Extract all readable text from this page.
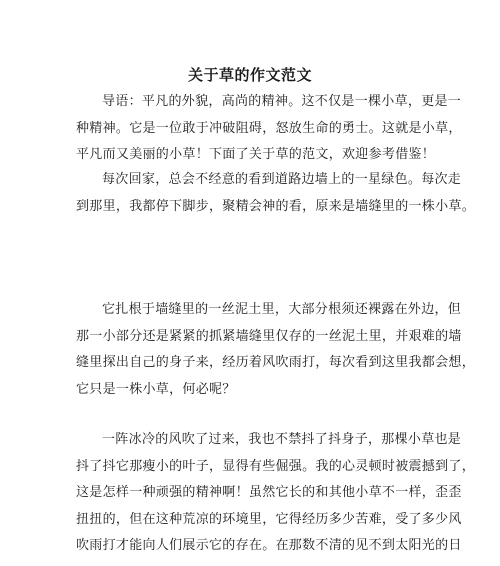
关于草的作文范文
导语：平凡的外貌，高尚的精神。这不仅是一棵小草，更是一
种精神。它是一位敢于冲破阻碍，怒放生命的勇士。这就是小草，
平凡而又美丽的小草！下面了关于草的范文，欢迎参考借鉴！
每次回家，总会不经意的看到道路边墙上的一星绿色。每次走
到那里，我都停下脚步，聚精会神的看，原来是墙缝里的一株小草。
它扎根于墙缝里的一丝泥土里，大部分根须还裸露在外边，但
那一小部分还是紧紧的抓紧墙缝里仅存的一丝泥土里，并艰难的墙
缝里探出自己的身子来，经历着风吹雨打，每次看到这里我都会想，
它只是一株小草，何必呢？
一阵冰冷的风吹了过来，我也不禁抖了抖身子，那棵小草也是
抖了抖它那瘦小的叶子，显得有些倔强。我的心灵顿时被震撼到了，
这是怎样一种顽强的精神啊！虽然它长的和其他小草不一样，歪歪
扭扭的，但在这种荒凉的环境里，它得经历多少苦难，受了多少风
吹雨打才能向人们展示它的存在。在那数不清的见不到太阳光的日
